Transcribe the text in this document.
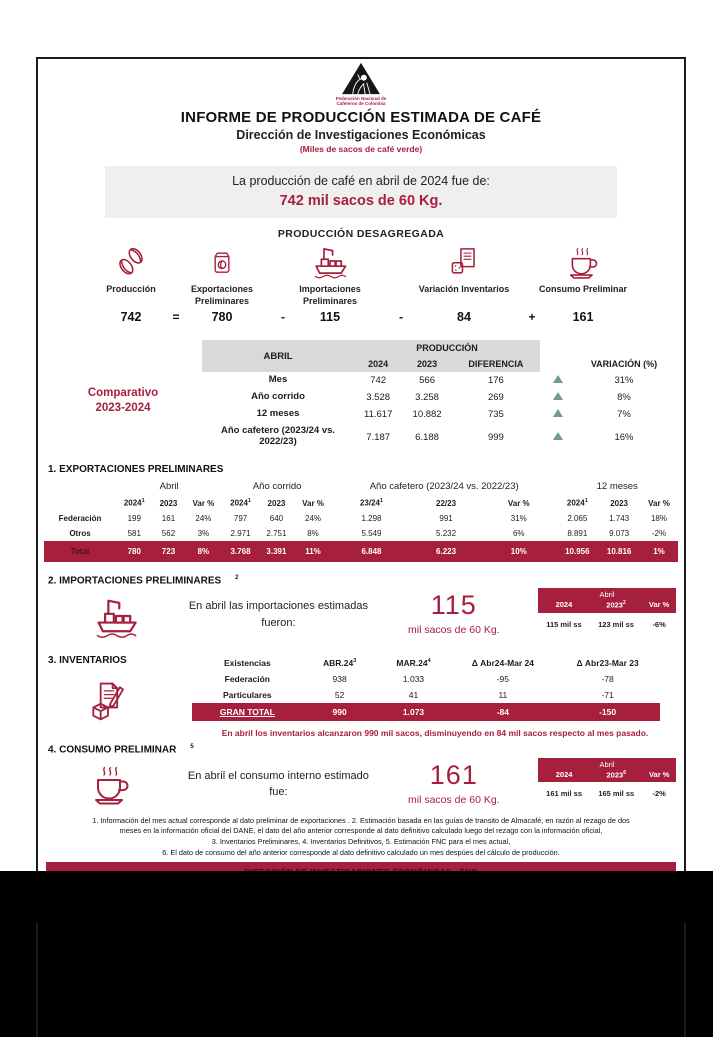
Federación Nacional de
Cafeteros de Colombia
INFORME DE PRODUCCIÓN ESTIMADA DE CAFÉ
Dirección de Investigaciones Económicas
(Miles de sacos de café verde)
La producción de café en abril de 2024 fue de:
742 mil sacos de 60 Kg.
PRODUCCIÓN DESAGREGADA
Producción
742	=
Exportaciones Preliminares
780	-
Importaciones Preliminares
115	-
Variación Inventarios
84	+
Consumo Preliminar
161
Comparativo
2023-2024
ABRIL	PRODUCCIÓN				
	2024	2023	DIFERENCIA		VARIACIÓN (%)
Mes	742	566	176		31%
Año corrido	3.528	3.258	269		8%
12 meses	11.617	10.882	735		7%
Año cafetero (2023/24 vs. 2022/23)	7.187	6.188	999		16%
1. EXPORTACIONES PRELIMINARES
	Abril			Año corrido			Año cafetero (2023/24 vs. 2022/23)			12 meses		
	2024$^1$	2023	Var %	2024$^1$	2023	Var %	$23/24^1$	22/23	Var %	2024$^1$	2023	Var %
Federación	199	161	24%	797	640	24%	1.298	991	31%	2.065	1.743	18%
Otros	581	562	3%	2.971	2.751	8%	5.549	5.232	6%	8.891	9.073	-2%
Total	780	723	8%	3.768	3.391	11%	6.848	6.223	10%	10.956	10.816	1%
2. IMPORTACIONES PRELIMINARES $^2$
En abril las importaciones estimadas fueron:
115
mil sacos de 60 Kg.
Abril		
2024	2023$^2$	Var %
115 mil ss	123 mil ss	-6%
3. INVENTARIOS	Existencias	$ABR.24^3$	$MAR.24^4$	Δ Abr24-Mar 24	Δ Abr23-Mar 23
Federación	938	1.033	-95	-78
Particulares	52	41	11	-71
GRAN TOTAL	990	1.073	-84	-150
En abril los inventarios alcanzaron 990 mil sacos, disminuyendo en 84 mil sacos respecto al mes pasado.
4. CONSUMO PRELIMINAR $^5$
En abril el consumo interno estimado fue:
161
mil sacos de 60 Kg.
Abril		
2024	2023$^6$	Var %
161 mil ss	165 mil ss	-2%
1. Información del mes actual corresponde al dato preliminar de exportaciones . 2. Estimación basada en las guías de transito de Almacafé, en razón al rezago de dos
meses en la información oficial del DANE, el dato del año anterior corresponde al dato definitivo calculado luego del rezago con la información oficial,
3. Inventarios Preliminares, 4. Inventarios Definitivos, 5. Estimación FNC para el mes actual,
6. El dato de consumo del año anterior corresponde al dato definitivo calculado un mes despúes del cálculo de producción.
